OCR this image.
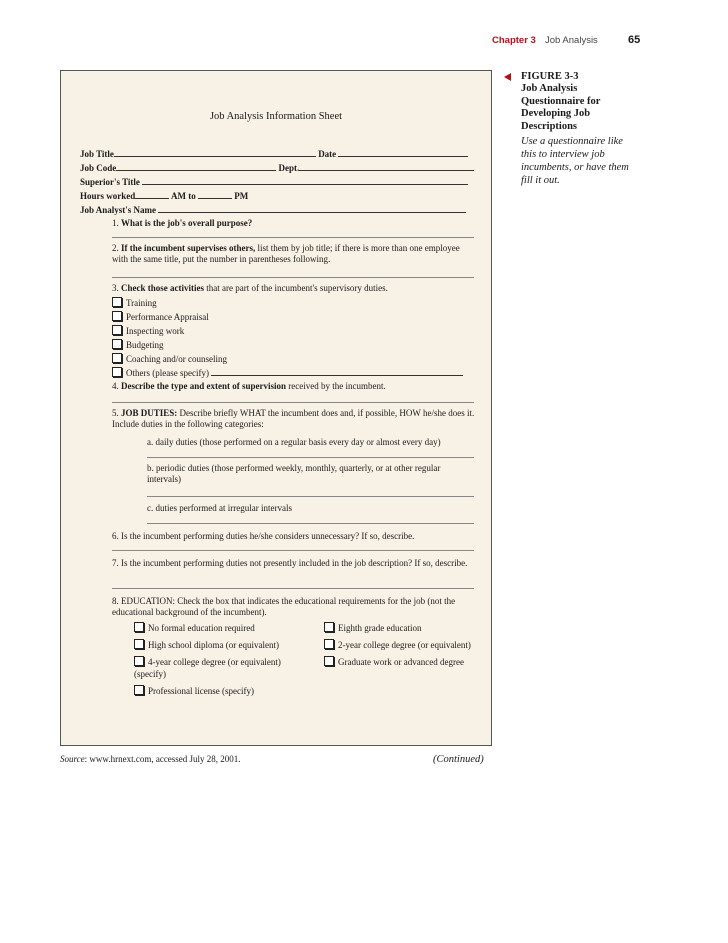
Chapter 3 Job Analysis	65
FIGURE 3-3
Job Analysis Questionnaire for Developing Job Descriptions
Use a questionnaire like this to interview job incumbents, or have them fill it out.
Job Analysis Information Sheet
Job Title	Date
Job Code	Dept.
Superior's Title
Hours worked	AM to	PM
Job Analyst's Name
1. What is the job's overall purpose?
2. If the incumbent supervises others, list them by job title; if there is more than one employee with the same title, put the number in parentheses following.
3. Check those activities that are part of the incumbent's supervisory duties.
Training
Performance Appraisal
Inspecting work
Budgeting
Coaching and/or counseling
Others (please specify)
4. Describe the type and extent of supervision received by the incumbent.
5. JOB DUTIES: Describe briefly WHAT the incumbent does and, if possible, HOW he/she does it. Include duties in the following categories:
a. daily duties (those performed on a regular basis every day or almost every day)
b. periodic duties (those performed weekly, monthly, quarterly, or at other regular intervals)
c. duties performed at irregular intervals
6. Is the incumbent performing duties he/she considers unnecessary? If so, describe.
7. Is the incumbent performing duties not presently included in the job description? If so, describe.
8. EDUCATION: Check the box that indicates the educational requirements for the job (not the educational background of the incumbent).
No formal education required	Eighth grade education
High school diploma (or equivalent)	2-year college degree (or equivalent)
4-year college degree (or equivalent)	Graduate work or advanced degree
(specify)
Professional license (specify)
Source: www.hrnext.com, accessed July 28, 2001.	(Continued)
